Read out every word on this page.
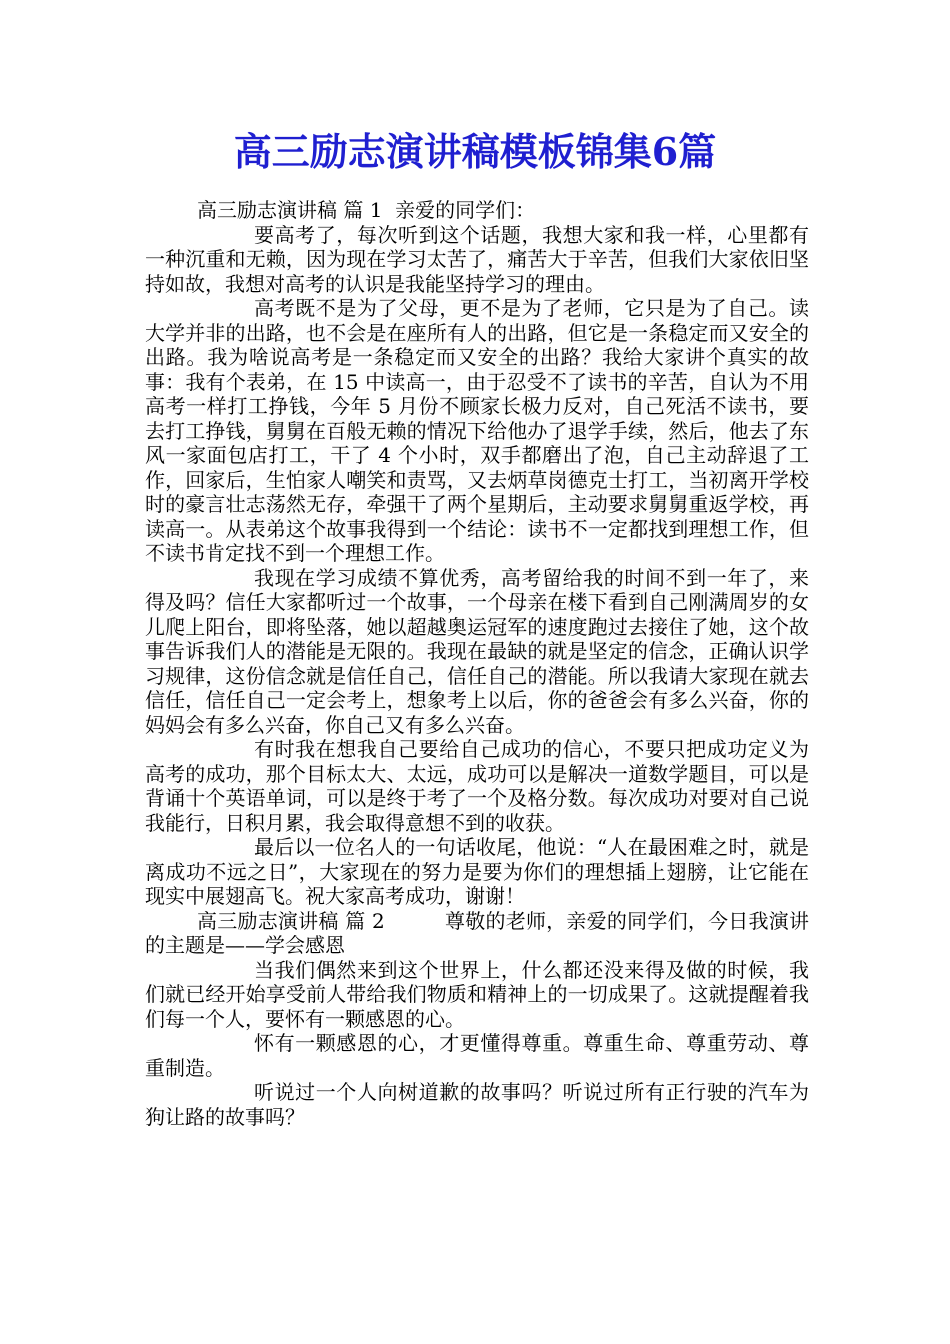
高三励志演讲稿模板锦集6篇

高三励志演讲稿 篇 1 亲爱的同学们：

要高考了，每次听到这个话题，我想大家和我一样，心里都有一种沉重和无赖，因为现在学习太苦了，痛苦大于辛苦，但我们大家依旧坚持如故，我想对高考的认识是我能坚持学习的理由。

高考既不是为了父母，更不是为了老师，它只是为了自己。读大学并非的出路，也不会是在座所有人的出路，但它是一条稳定而又安全的出路。我为啥说高考是一条稳定而又安全的出路？我给大家讲个真实的故事：我有个表弟，在 15 中读高一，由于忍受不了读书的辛苦，自认为不用高考一样打工挣钱，今年 5 月份不顾家长极力反对，自己死活不读书，要去打工挣钱，舅舅在百般无赖的情况下给他办了退学手续，然后，他去了东风一家面包店打工，干了 4 个小时，双手都磨出了泡，自己主动辞退了工作，回家后，生怕家人嘲笑和责骂，又去炳草岗德克士打工，当初离开学校时的豪言壮志荡然无存，牵强干了两个星期后，主动要求舅舅重返学校，再读高一。从表弟这个故事我得到一个结论：读书不一定都找到理想工作，但不读书肯定找不到一个理想工作。

我现在学习成绩不算优秀，高考留给我的时间不到一年了，来得及吗？信任大家都听过一个故事，一个母亲在楼下看到自己刚满周岁的女儿爬上阳台，即将坠落，她以超越奥运冠军的速度跑过去接住了她，这个故事告诉我们人的潜能是无限的。我现在最缺的就是坚定的信念，正确认识学习规律，这份信念就是信任自己，信任自己的潜能。所以我请大家现在就去信任，信任自己一定会考上，想象考上以后，你的爸爸会有多么兴奋，你的妈妈会有多么兴奋，你自己又有多么兴奋。

有时我在想我自己要给自己成功的信心，不要只把成功定义为高考的成功，那个目标太大、太远，成功可以是解决一道数学题目，可以是背诵十个英语单词，可以是终于考了一个及格分数。每次成功对要对自己说我能行，日积月累，我会取得意想不到的收获。

最后以一位名人的一句话收尾，他说：“人在最困难之时，就是离成功不远之日”，大家现在的努力是要为你们的理想插上翅膀，让它能在现实中展翅高飞。祝大家高考成功，谢谢！

高三励志演讲稿 篇 2	尊敬的老师，亲爱的同学们，今日我演讲的主题是——学会感恩

当我们偶然来到这个世界上，什么都还没来得及做的时候，我们就已经开始享受前人带给我们物质和精神上的一切成果了。这就提醒着我们每一个人，要怀有一颗感恩的心。

怀有一颗感恩的心，才更懂得尊重。尊重生命、尊重劳动、尊重制造。

听说过一个人向树道歉的故事吗？听说过所有正行驶的汽车为狗让路的故事吗？
